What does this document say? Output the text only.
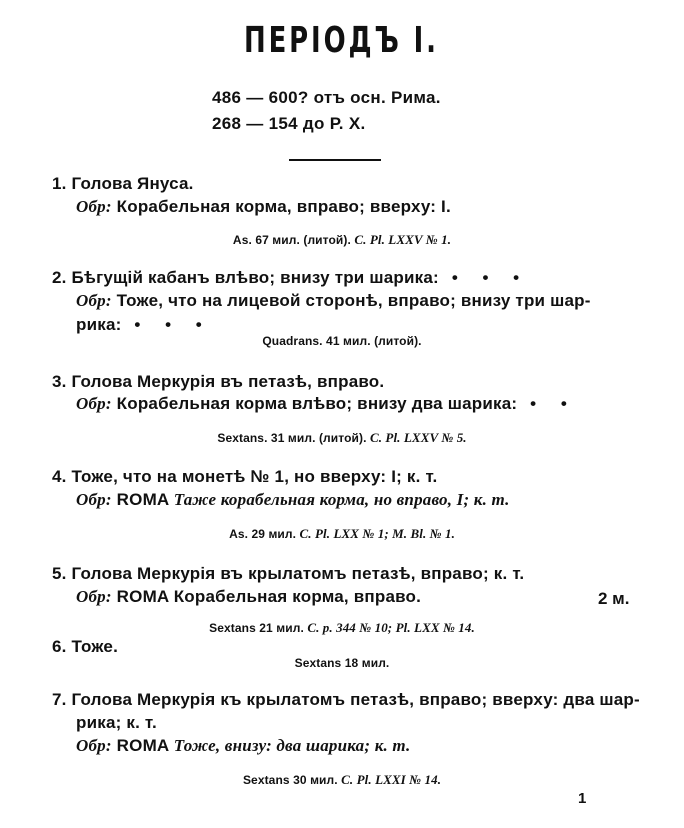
ПЕРІОДЪ I.
486 — 600? отъ осн. Рима.
268 — 154 до Р. Х.
1. Голова Януса.
Обр: Корабельная корма, вправо; вверху: I.
As. 67 мил. (литой). C. Pl. LXXV № 1.
2. Бѣгущій кабанъ влѣво; внизу три шарика: • • •
Обр: Тоже, что на лицевой сторонѣ, вправо; внизу три шар-
рика: • • •
Quadrans. 41 мил. (литой).
3. Голова Меркурія въ петазѣ, вправо.
Обр: Корабельная корма влѣво; внизу два шарика: • •
Sextans. 31 мил. (литой). C. Pl. LXXV № 5.
4. Тоже, что на монетѣ № 1, но вверху: I; к. т.
Обр: ROMA Таже корабельная корма, но вправо, I; к. т.
As. 29 мил. C. Pl. LXX № 1; M. Bl. № 1.
5. Голова Меркурія въ крылатомъ петазѣ, вправо; к. т.
Обр: ROMA Корабельная корма, вправо.	2 м.
Sextans 21 мил. C. p. 344 № 10; Pl. LXX № 14.
6. Тоже.
Sextans 18 мил.
7. Голова Меркурія къ крылатомъ петазѣ, вправо; вверху: два шар-
рика; к. т.
Обр: ROMA Тоже, внизу: два шарика; к. т.
Sextans 30 мил. C. Pl. LXXI № 14.
1
